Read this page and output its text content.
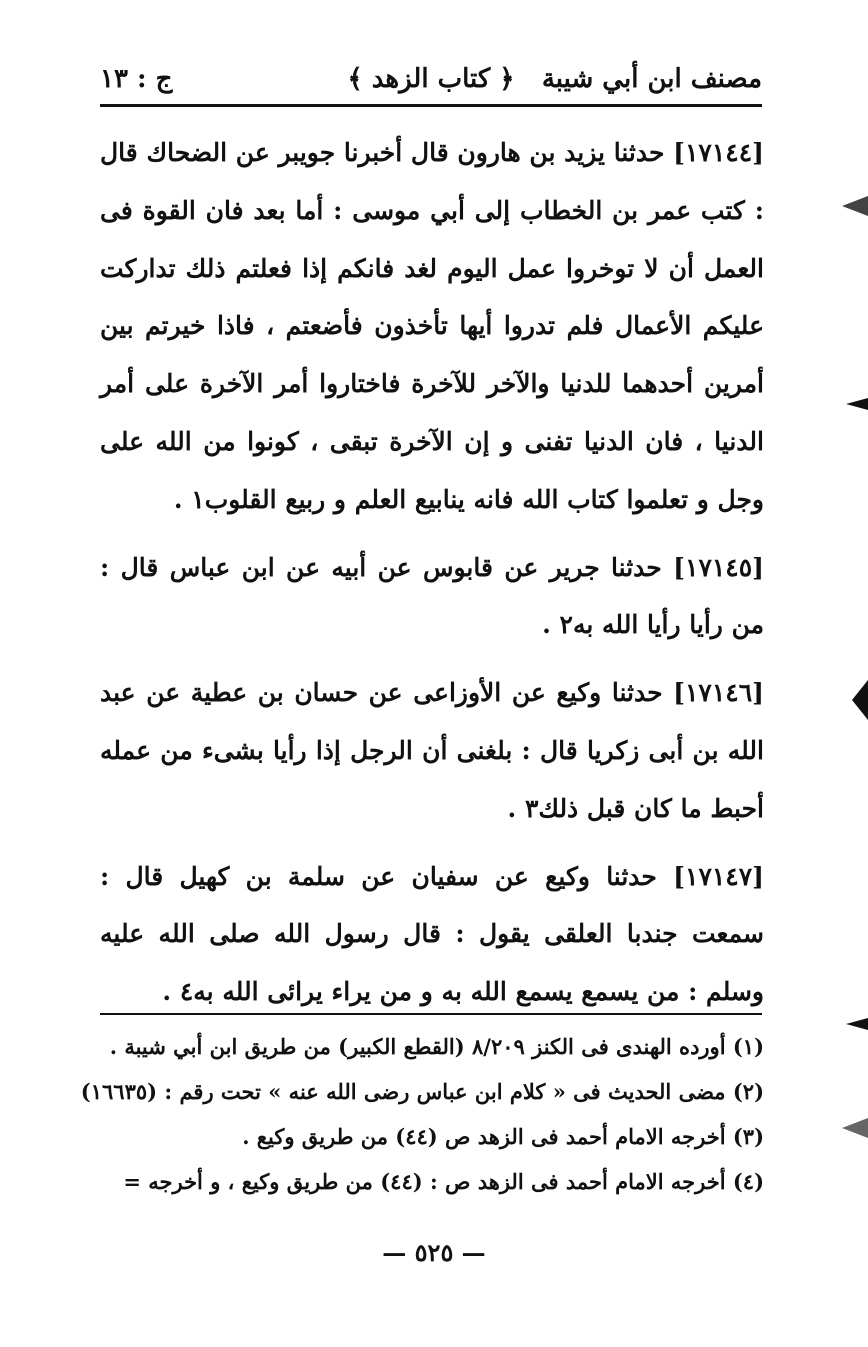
مصنف ابن أبي شيبة
﴿ كتاب الزهد ﴾
ج : ١٣

[١٧١٤٤] حدثنا يزيد بن هارون قال أخبرنا جويبر عن الضحاك قال : كتب عمر بن الخطاب إلى أبي موسى : أما بعد فان القوة فى العمل أن لا توخروا عمل اليوم لغد فانكم إذا فعلتم ذلك تداركت عليكم الأعمال فلم تدروا أيها تأخذون فأضعتم ، فاذا خيرتم بين أمرين أحدهما للدنيا والآخر للآخرة فاختاروا أمر الآخرة على أمر الدنيا ، فان الدنيا تفنى و إن الآخرة تبقى ، كونوا من الله على وجل و تعلموا كتاب الله فانه ينابيع العلم و ربيع القلوب١ .

[١٧١٤٥] حدثنا جرير عن قابوس عن أبيه عن ابن عباس قال : من رأيا رأيا الله به٢ .

[١٧١٤٦] حدثنا وكيع عن الأوزاعى عن حسان بن عطية عن عبد الله بن أبى زكريا قال : بلغنى أن الرجل إذا رأيا بشىء من عمله أحبط ما كان قبل ذلك٣ .

[١٧١٤٧] حدثنا وكيع عن سفيان عن سلمة بن كهيل قال : سمعت جندبا العلقى يقول : قال رسول الله صلى الله عليه وسلم : من يسمع يسمع الله به و من يراء يرائى الله به٤ .

(١) أورده الهندى فى الكنز ٨/٢٠٩ (القطع الكبير) من طريق ابن أبي شيبة .
(٢) مضى الحديث فى « كلام ابن عباس رضى الله عنه » تحت رقم : (١٦٦٣٥)
(٣) أخرجه الامام أحمد فى الزهد ص (٤٤) من طريق وكيع .
(٤) أخرجه الامام أحمد فى الزهد ص : (٤٤) من طريق وكيع ، و أخرجه =
— ٥٢٥ —
